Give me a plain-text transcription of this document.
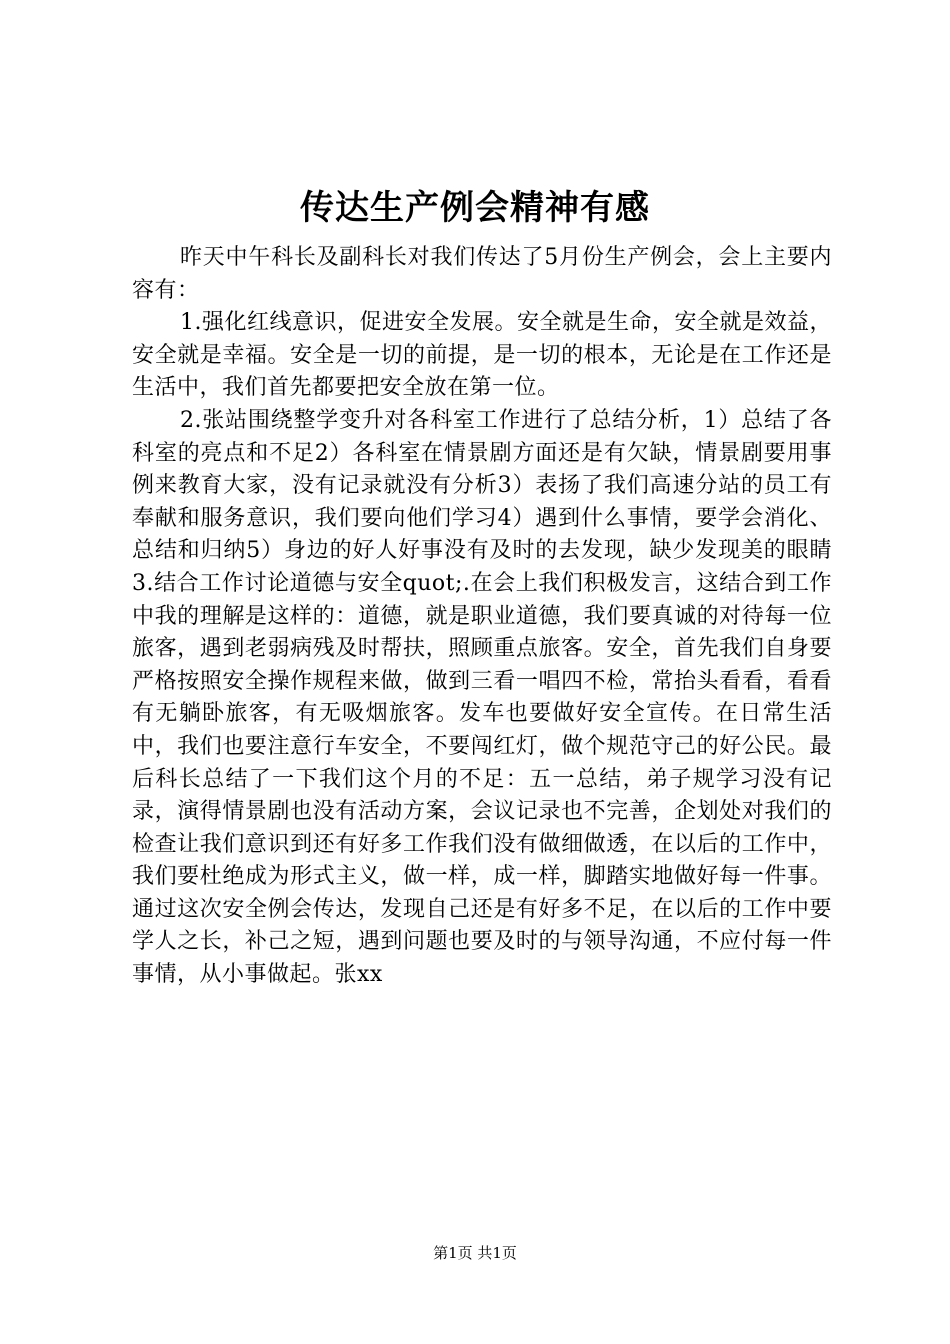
传达生产例会精神有感

昨天中午科长及副科长对我们传达了5月份生产例会，会上主要内容有：

1.强化红线意识，促进安全发展。安全就是生命，安全就是效益，安全就是幸福。安全是一切的前提，是一切的根本，无论是在工作还是生活中，我们首先都要把安全放在第一位。

2.张站围绕整学变升对各科室工作进行了总结分析，1）总结了各科室的亮点和不足2）各科室在情景剧方面还是有欠缺，情景剧要用事例来教育大家，没有记录就没有分析3）表扬了我们高速分站的员工有奉献和服务意识，我们要向他们学习4）遇到什么事情，要学会消化、总结和归纳5）身边的好人好事没有及时的去发现，缺少发现美的眼睛3.结合工作讨论道德与安全quot;.在会上我们积极发言，这结合到工作中我的理解是这样的：道德，就是职业道德，我们要真诚的对待每一位旅客，遇到老弱病残及时帮扶，照顾重点旅客。安全，首先我们自身要严格按照安全操作规程来做，做到三看一唱四不检，常抬头看看，看看有无躺卧旅客，有无吸烟旅客。发车也要做好安全宣传。在日常生活中，我们也要注意行车安全，不要闯红灯，做个规范守己的好公民。最后科长总结了一下我们这个月的不足：五一总结，弟子规学习没有记录，演得情景剧也没有活动方案，会议记录也不完善，企划处对我们的检查让我们意识到还有好多工作我们没有做细做透，在以后的工作中，我们要杜绝成为形式主义，做一样，成一样，脚踏实地做好每一件事。通过这次安全例会传达，发现自己还是有好多不足，在以后的工作中要学人之长，补己之短，遇到问题也要及时的与领导沟通，不应付每一件事情，从小事做起。张xx

第1页 共1页
